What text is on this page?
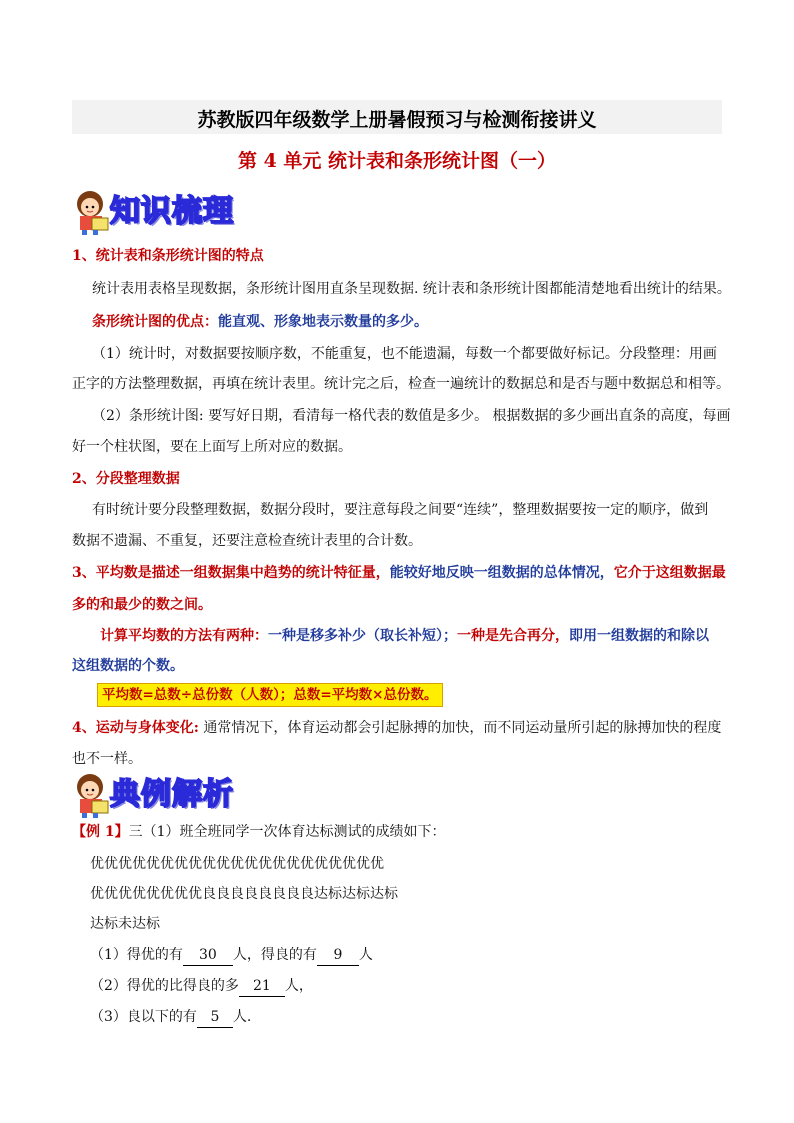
苏教版四年级数学上册暑假预习与检测衔接讲义
第 4 单元 统计表和条形统计图（一）
知识梳理
1、统计表和条形统计图的特点
统计表用表格呈现数据，条形统计图用直条呈现数据. 统计表和条形统计图都能清楚地看出统计的结果。
条形统计图的优点：能直观、形象地表示数量的多少。
（1）统计时，对数据要按顺序数，不能重复，也不能遗漏，每数一个都要做好标记。分段整理：用画
正字的方法整理数据，再填在统计表里。统计完之后，检查一遍统计的数据总和是否与题中数据总和相等。
（2）条形统计图: 要写好日期，看清每一格代表的数值是多少。 根据数据的多少画出直条的高度，每画
好一个柱状图，要在上面写上所对应的数据。
2、分段整理数据
有时统计要分段整理数据，数据分段时，要注意每段之间要“连续”，整理数据要按一定的顺序，做到
数据不遗漏、不重复，还要注意检查统计表里的合计数。
3、平均数是描述一组数据集中趋势的统计特征量，能较好地反映一组数据的总体情况，它介于这组数据最
多的和最少的数之间。
计算平均数的方法有两种：一种是移多补少（取长补短）；一种是先合再分，即用一组数据的和除以
这组数据的个数。
平均数=总数÷总份数（人数）；总数=平均数×总份数。
4、运动与身体变化: 通常情况下，体育运动都会引起脉搏的加快，而不同运动量所引起的脉搏加快的程度
也不一样。
典例解析
【例 1】三（1）班全班同学一次体育达标测试的成绩如下：
优优优优优优优优优优优优优优优优优优优优优
优优优优优优优优良良良良良良良良达标达标达标
达标未达标
（1）得优的有 30 人，得良的有 9 人
（2）得优的比得良的多 21 人，
（3）良以下的有 5 人.
